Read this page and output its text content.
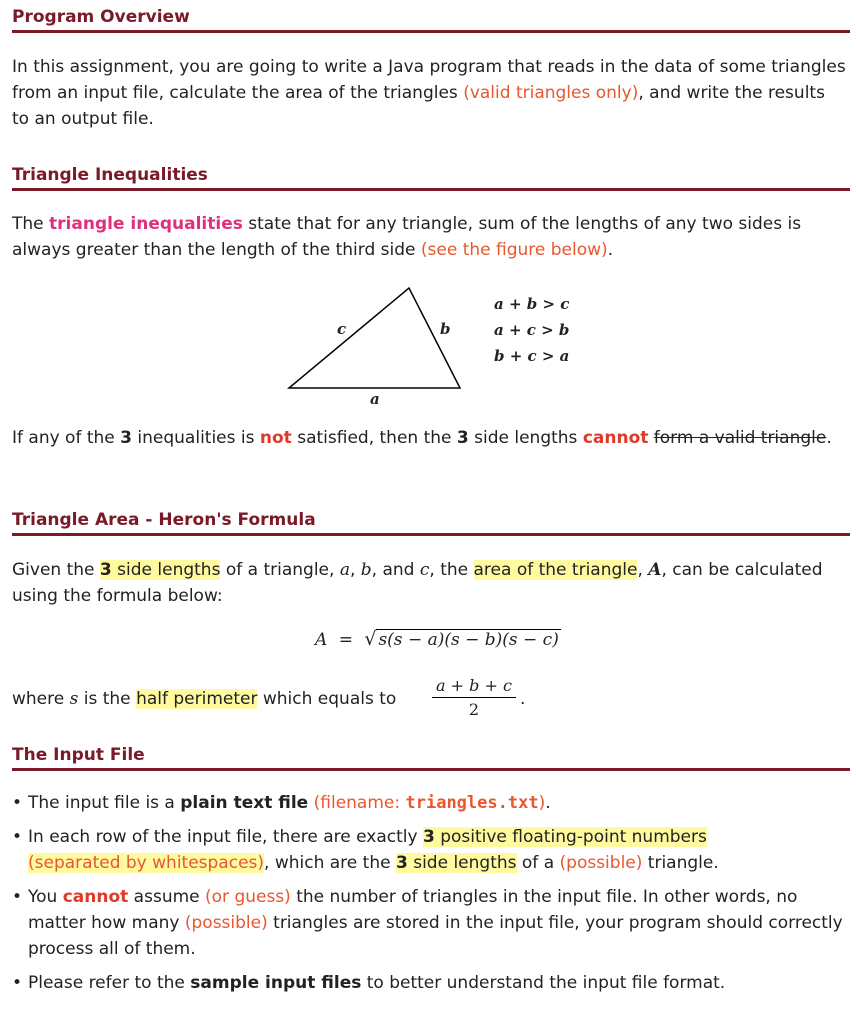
Program Overview
In this assignment, you are going to write a Java program that reads in the data of some triangles from an input file, calculate the area of the triangles (valid triangles only), and write the results to an output file.
Triangle Inequalities
The triangle inequalities state that for any triangle, sum of the lengths of any two sides is always greater than the length of the third side (see the figure below).
c	b
a
a + b > c
a + c > b
b + c > a
If any of the 3 inequalities is not satisfied, then the 3 side lengths cannot form a valid triangle.
Triangle Area - Heron's Formula
Given the 3 side lengths of a triangle, a, b, and c, the area of the triangle, A, can be calculated using the formula below:
A = √ s(s − a)(s − b)(s − c)
where s is the half perimeter which equals to	$\frac{a + b + c}{2}$ .
The Input File
• The input file is a plain text file (filename: triangles.txt).
• In each row of the input file, there are exactly 3 positive floating-point numbers
(separated by whitespaces), which are the 3 side lengths of a (possible) triangle.
• You cannot assume (or guess) the number of triangles in the input file. In other words, no matter how many (possible) triangles are stored in the input file, your program should correctly process all of them.
• Please refer to the sample input files to better understand the input file format.
